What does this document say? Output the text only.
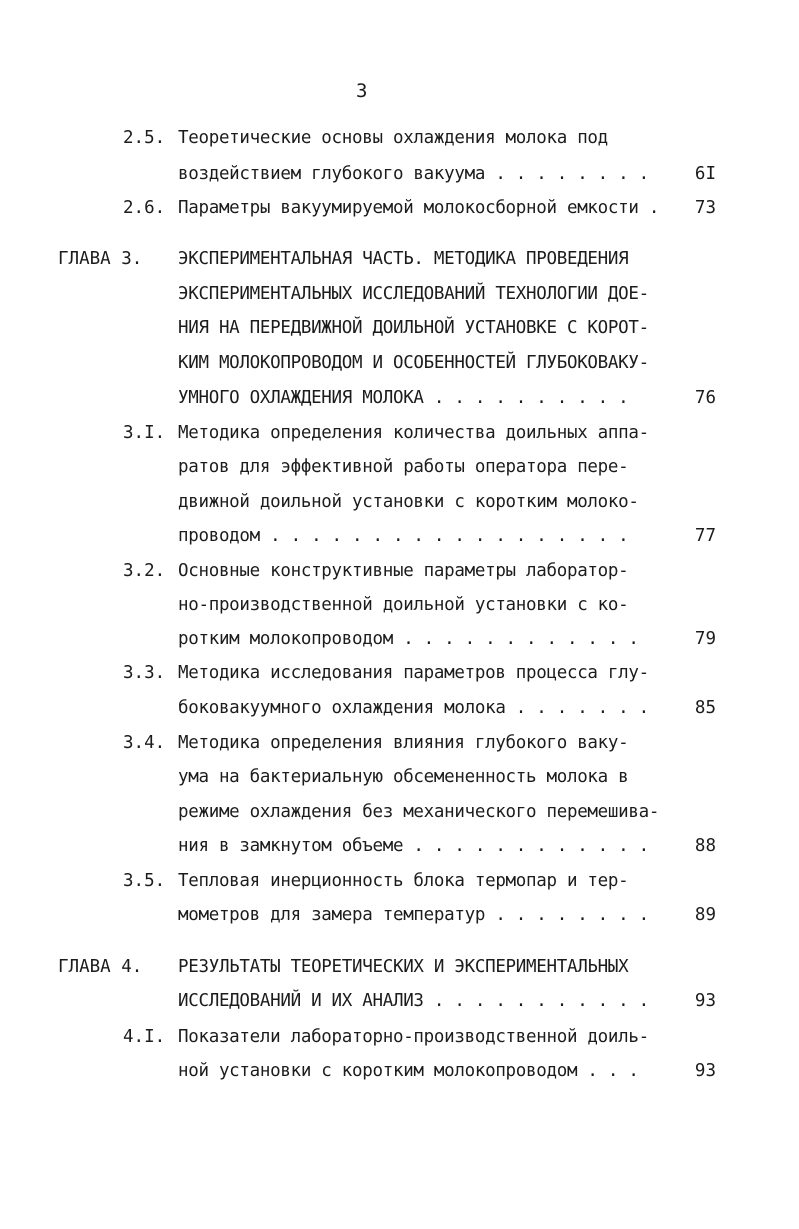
3
2.5. Теоретические основы охлаждения молока под
воздействием глубокого вакуума . . . . . . . .	6I
2.6. Параметры вакуумируемой молокосборной емкости .	73
ГЛАВА 3. ЭКСПЕРИМЕНТАЛЬНАЯ ЧАСТЬ. МЕТОДИКА ПРОВЕДЕНИЯ
ЭКСПЕРИМЕНТАЛЬНЫХ ИССЛЕДОВАНИЙ ТЕХНОЛОГИИ ДОЕ-
НИЯ НА ПЕРЕДВИЖНОЙ ДОИЛЬНОЙ УСТАНОВКЕ С КОРОТ-
КИМ МОЛОКОПРОВОДОМ И ОСОБЕННОСТЕЙ ГЛУБОКОВАКУ-
УМНОГО ОХЛАЖДЕНИЯ МОЛОКА . . . . . . . . . .	76
3.I. Методика определения количества доильных аппа-
ратов для эффективной работы оператора пере-
движной доильной установки с коротким молоко-
проводом . . . . . . . . . . . . . . . . . .	77
3.2. Основные конструктивные параметры лаборатор-
но-производственной доильной установки с ко-
ротким молокопроводом . . . . . . . . . . . .	79
3.3. Методика исследования параметров процесса глу-
боковакуумного охлаждения молока . . . . . . .	85
3.4. Методика определения влияния глубокого ваку-
ума на бактериальную обсемененность молока в
режиме охлаждения без механического перемешива-
ния в замкнутом объеме . . . . . . . . . . . .	88
3.5. Тепловая инерционность блока термопар и тер-
мометров для замера температур . . . . . . . .	89
ГЛАВА 4. РЕЗУЛЬТАТЫ ТЕОРЕТИЧЕСКИХ И ЭКСПЕРИМЕНТАЛЬНЫХ
ИССЛЕДОВАНИЙ И ИХ АНАЛИЗ . . . . . . . . . . .	93
4.I. Показатели лабораторно-производственной доиль-
ной установки с коротким молокопроводом . . .	93
